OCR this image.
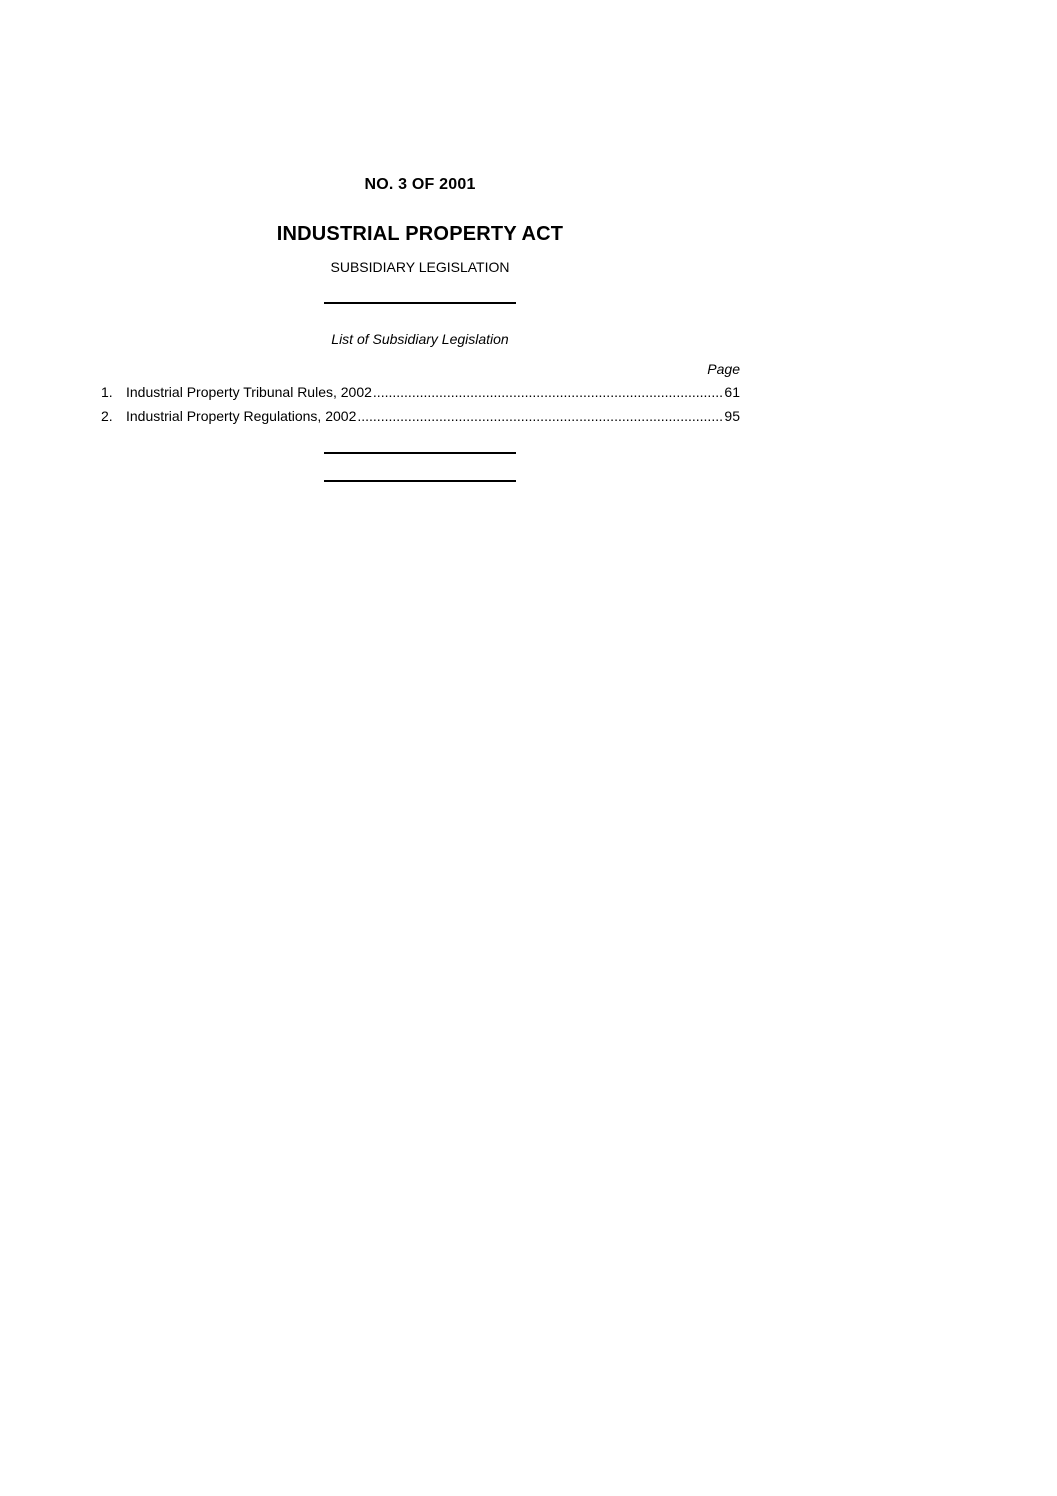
NO. 3 OF 2001
INDUSTRIAL PROPERTY ACT
SUBSIDIARY LEGISLATION
List of Subsidiary Legislation
Page
1. Industrial Property Tribunal Rules, 2002 .....	61
2. Industrial Property Regulations, 2002 .....	95
